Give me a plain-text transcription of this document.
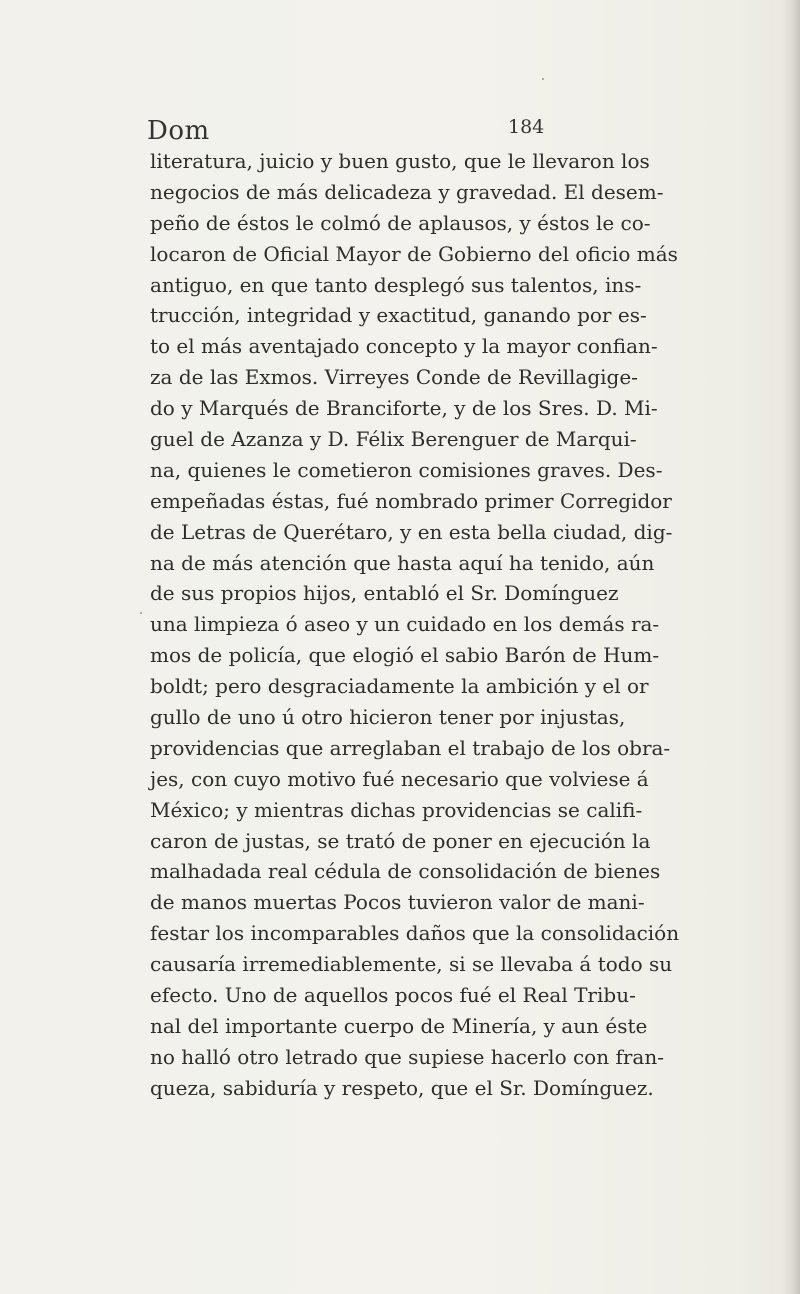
Dom	184
literatura, juicio y buen gusto, que le llevaron los
negocios de más delicadeza y gravedad. El desem-
peño de éstos le colmó de aplausos, y éstos le co-
locaron de Oficial Mayor de Gobierno del oficio más
antiguo, en que tanto desplegó sus talentos, ins-
trucción, integridad y exactitud, ganando por es-
to el más aventajado concepto y la mayor confian-
za de las Exmos. Virreyes Conde de Revillagige-
do y Marqués de Branciforte, y de los Sres. D. Mi-
guel de Azanza y D. Félix Berenguer de Marqui-
na, quienes le cometieron comisiones graves. Des-
empeñadas éstas, fué nombrado primer Corregidor
de Letras de Querétaro, y en esta bella ciudad, dig-
na de más atención que hasta aquí ha tenido, aún
de sus propios hijos, entabló el Sr. Domínguez
una limpieza ó aseo y un cuidado en los demás ra-
mos de policía, que elogió el sabio Barón de Hum-
boldt; pero desgraciadamente la ambición y el or
gullo de uno ú otro hicieron tener por injustas,
providencias que arreglaban el trabajo de los obra-
jes, con cuyo motivo fué necesario que volviese á
México; y mientras dichas providencias se califi-
caron de justas, se trató de poner en ejecución la
malhadada real cédula de consolidación de bienes
de manos muertas Pocos tuvieron valor de mani-
festar los incomparables daños que la consolidación
causaría irremediablemente, si se llevaba á todo su
efecto. Uno de aquellos pocos fué el Real Tribu-
nal del importante cuerpo de Minería, y aun éste
no halló otro letrado que supiese hacerlo con fran-
queza, sabiduría y respeto, que el Sr. Domínguez.
